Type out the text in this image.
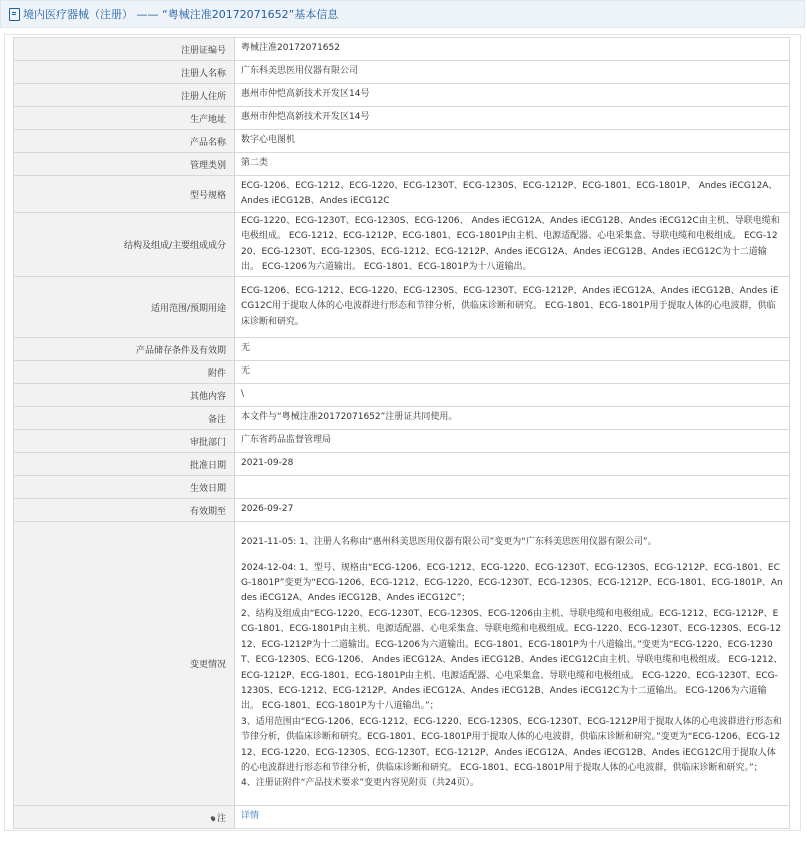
境内医疗器械（注册） —— “粤械注准20172071652”基本信息
注册证编号	粤械注准20172071652
注册人名称	广东科美思医用仪器有限公司
注册人住所	惠州市仲恺高新技术开发区14号
生产地址	惠州市仲恺高新技术开发区14号
产品名称	数字心电图机
管理类别	第二类
型号规格	ECG-1206、ECG-1212、ECG-1220、ECG-1230T、ECG-1230S、ECG-1212P、ECG-1801、ECG-1801P、 Andes iECG12A、Andes iECG12B、Andes iECG12C
结构及组成/主要组成成分	ECG-1220、ECG-1230T、ECG-1230S、ECG-1206、 Andes iECG12A、Andes iECG12B、Andes iECG12C由主机、导联电缆和电极组成。 ECG-1212、ECG-1212P、ECG-1801、ECG-1801P由主机、电源适配器、心电采集盒、导联电缆和电极组成。 ECG-1220、ECG-1230T、ECG-1230S、ECG-1212、ECG-1212P、Andes iECG12A、Andes iECG12B、Andes iECG12C为十二道输出。 ECG-1206为六道输出。 ECG-1801、ECG-1801P为十八道输出。
适用范围/预期用途	ECG-1206、ECG-1212、ECG-1220、ECG-1230S、ECG-1230T、ECG-1212P、Andes iECG12A、Andes iECG12B、Andes iECG12C用于提取人体的心电波群进行形态和节律分析，供临床诊断和研究。 ECG-1801、ECG-1801P用于提取人体的心电波群，供临床诊断和研究。
产品储存条件及有效期	无
附件	无
其他内容	\
备注	本文件与“粤械注准20172071652”注册证共同使用。
审批部门	广东省药品监督管理局
批准日期	2021-09-28
生效日期	
有效期至	2026-09-27
变更情况	2021-11-05: 1、注册人名称由“惠州科美思医用仪器有限公司”变更为“广东科美思医用仪器有限公司”。

2024-12-04: 1、型号、规格由“ECG-1206、ECG-1212、ECG-1220、ECG-1230T、ECG-1230S、ECG-1212P、ECG-1801、ECG-1801P”变更为“ECG-1206、ECG-1212、ECG-1220、ECG-1230T、ECG-1230S、ECG-1212P、ECG-1801、ECG-1801P、Andes iECG12A、Andes iECG12B、Andes iECG12C”；

2、结构及组成由“ECG-1220、ECG-1230T、ECG-1230S、ECG-1206由主机、导联电缆和电极组成。ECG-1212、ECG-1212P、ECG-1801、ECG-1801P由主机、电源适配器、心电采集盒、导联电缆和电极组成。ECG-1220、ECG-1230T、ECG-1230S、ECG-1212、ECG-1212P为十二道输出。ECG-1206为六道输出。ECG-1801、ECG-1801P为十八道输出。”变更为“ECG-1220、ECG-1230T、ECG-1230S、ECG-1206、 Andes iECG12A、Andes iECG12B、Andes iECG12C由主机、导联电缆和电极组成。 ECG-1212、ECG-1212P、ECG-1801、ECG-1801P由主机、电源适配器、心电采集盒、导联电缆和电极组成。 ECG-1220、ECG-1230T、ECG-1230S、ECG-1212、ECG-1212P、Andes iECG12A、Andes iECG12B、Andes iECG12C为十二道输出。 ECG-1206为六道输出。 ECG-1801、ECG-1801P为十八道输出。”；

3、适用范围由“ECG-1206、ECG-1212、ECG-1220、ECG-1230S、ECG-1230T、ECG-1212P用于提取人体的心电波群进行形态和节律分析，供临床诊断和研究。ECG-1801、ECG-1801P用于提取人体的心电波群，供临床诊断和研究。”变更为“ECG-1206、ECG-1212、ECG-1220、ECG-1230S、ECG-1230T、ECG-1212P、Andes iECG12A、Andes iECG12B、Andes iECG12C用于提取人体的心电波群进行形态和节律分析，供临床诊断和研究。 ECG-1801、ECG-1801P用于提取人体的心电波群，供临床诊断和研究。”；

4、注册证附件“产品技术要求”变更内容见附页（共24页）。

注	详情
